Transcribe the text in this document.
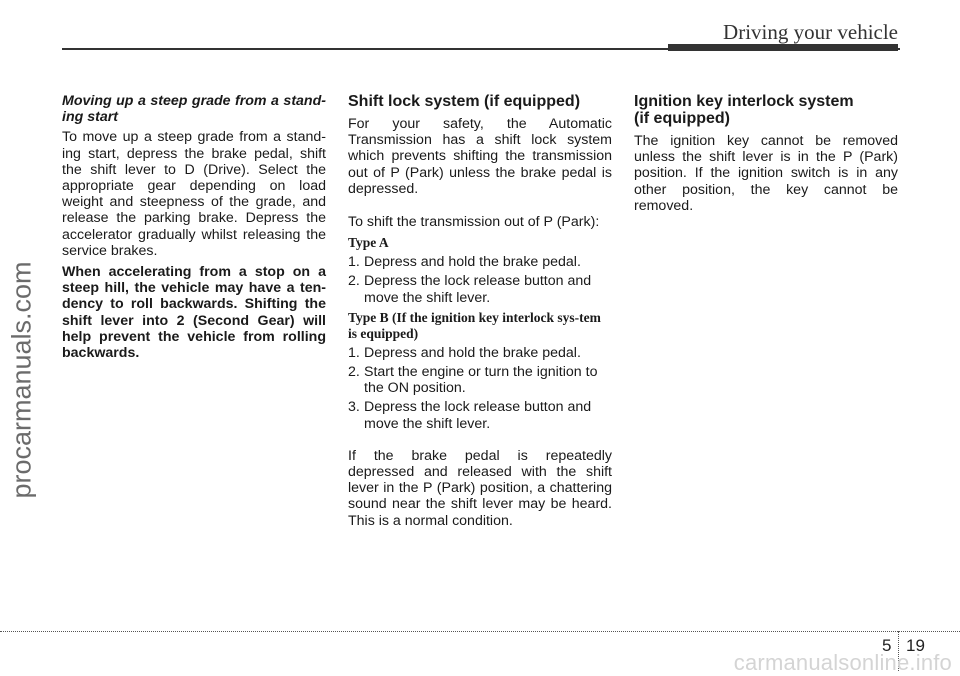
Driving your vehicle
procarmanuals.com

Moving up a steep grade from a stand-ing start

To move up a steep grade from a stand-ing start, depress the brake pedal, shift the shift lever to D (Drive). Select the appropriate gear depending on load weight and steepness of the grade, and release the parking brake. Depress the accelerator gradually whilst releasing the service brakes.

When accelerating from a stop on a steep hill, the vehicle may have a ten-dency to roll backwards. Shifting the shift lever into 2 (Second Gear) will help prevent the vehicle from rolling backwards.

Shift lock system (if equipped)

For your safety, the Automatic Transmission has a shift lock system which prevents shifting the transmission out of P (Park) unless the brake pedal is depressed.

To shift the transmission out of P (Park):

Type A
1. Depress and hold the brake pedal.
2. Depress the lock release button and move the shift lever.
Type B (If the ignition key interlock sys-tem is equipped)
1. Depress and hold the brake pedal.
2. Start the engine or turn the ignition to the ON position.
3. Depress the lock release button and move the shift lever.

If the brake pedal is repeatedly depressed and released with the shift lever in the P (Park) position, a chattering sound near the shift lever may be heard. This is a normal condition.

Ignition key interlock system
(if equipped)

The ignition key cannot be removed unless the shift lever is in the P (Park) position. If the ignition switch is in any other position, the key cannot be removed.

5 19
carmanualsonline.info
